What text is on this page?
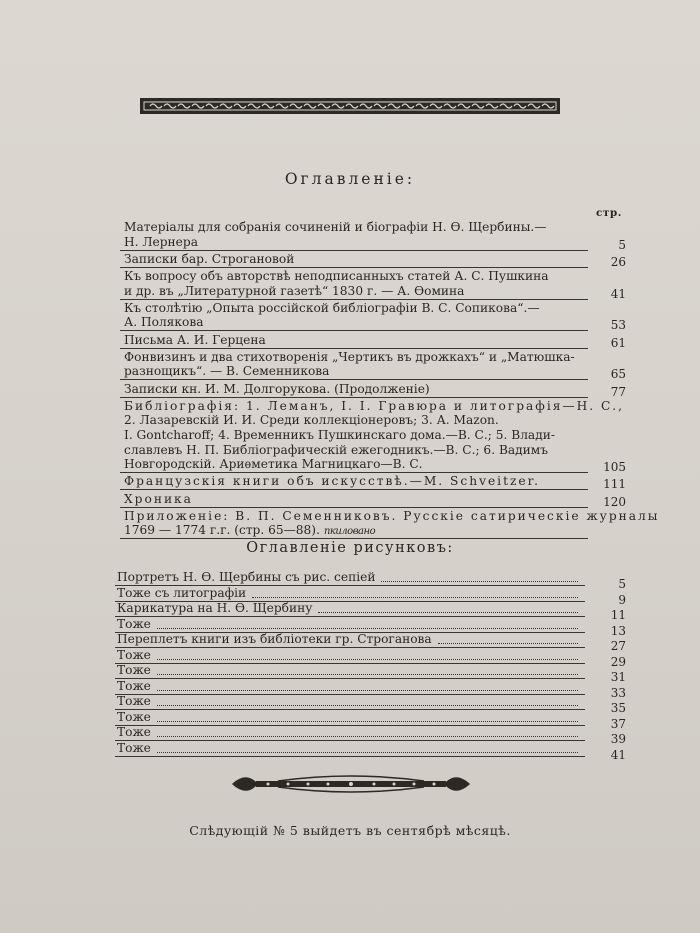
Оглавленіе:
стр.
Матеріалы для собранія сочиненій и біографіи Н. Ѳ. Щербины.—
Н. Лернера	5
Записки бар. Строгановой	26
Къ вопросу объ авторствѣ неподписанныхъ статей А. С. Пушкина
и др. въ „Литературной газетѣ“ 1830 г. — А. Ѳомина	41
Къ столѣтію „Опыта россійской библіографіи В. С. Сопикова“.—
А. Полякова	53
Письма А. И. Герцена	61
Фонвизинъ и два стихотворенія „Чертикъ въ дрожкахъ“ и „Матюшка-
разнощикъ“. — В. Семенникова	65
Записки кн. И. М. Долгорукова. (Продолженіе)	77
Библіографія: 1. Леманъ, I. I. Гравюра и литографія—Н. С.,
2. Лазаревскій И. И. Среди коллекціонеровъ; 3. А. Mazon.
I. Gontcharoff; 4. Временникъ Пушкинскаго дома.—В. С.; 5. Влади-
славлевъ Н. П. Библіографическій ежегодникъ.—В. С.; 6. Вадимъ
Новгородскій. Ариѳметика Магницкаго—В. С.	105
Французскія книги объ искусствѣ.—М. Schveitzer.	111
Хроника	120
Приложеніе: В. П. Семенниковъ. Русскіе сатирическіе журналы
1769 — 1774 г.г. (стр. 65—88). пкиловано
Оглавленіе рисунковъ:
Портретъ Н. Ѳ. Щербины съ рис. сепіей	5
Тоже съ литографіи	9
Карикатура на Н. Ѳ. Щербину	11
Тоже	13
Переплетъ книги изъ библіотеки гр. Строганова	27
Тоже	29
Тоже	31
Тоже	33
Тоже	35
Тоже	37
Тоже	39
Тоже	41
Слѣдующій № 5 выйдетъ въ сентябрѣ мѣсяцѣ.
